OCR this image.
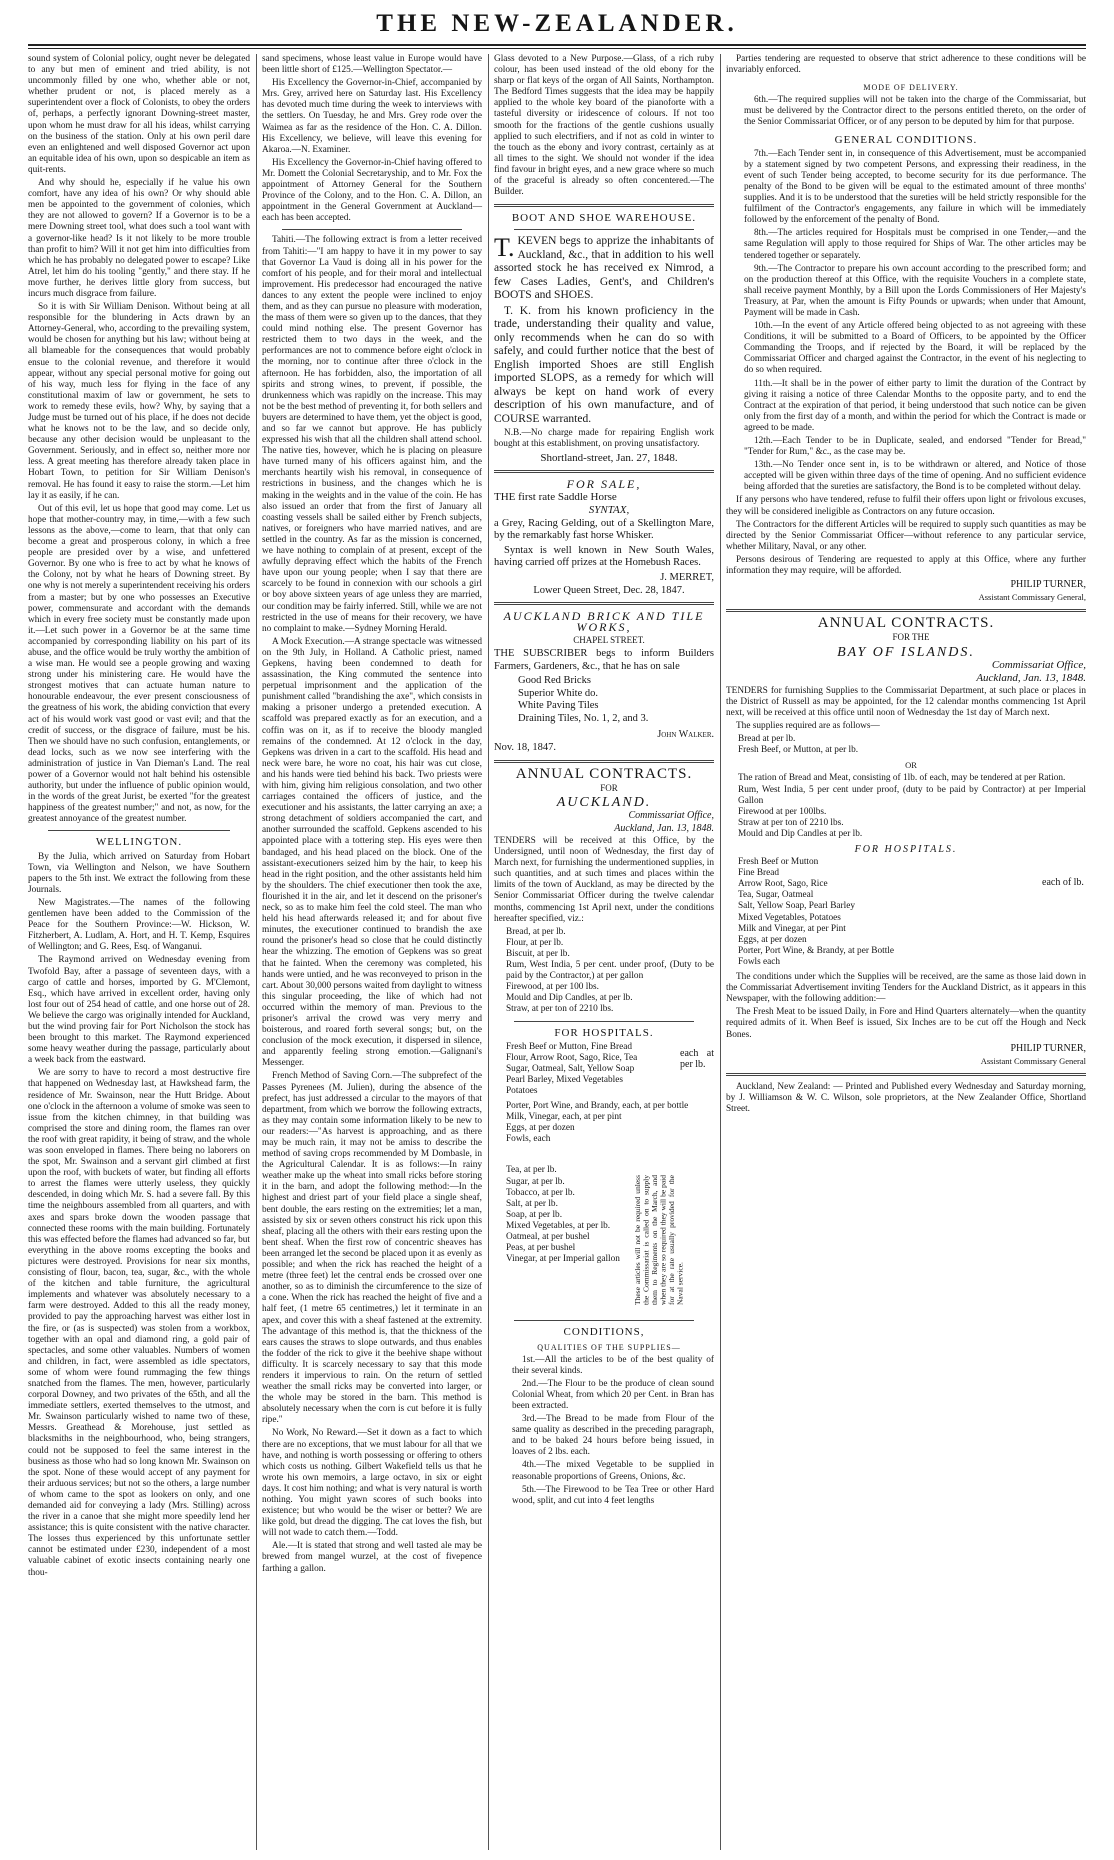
THE NEW-ZEALANDER.

sound system of Colonial policy, ought never be delegated to any but men of eminent and tried ability, is not uncommonly filled by one who, whether able or not, whether prudent or not, is placed merely as a superintendent over a flock of Colonists, to obey the orders of, perhaps, a perfectly ignorant Downing-street master, upon whom he must draw for all his ideas, whilst carrying on the business of the station. Only at his own peril dare even an enlightened and well disposed Governor act upon an equitable idea of his own, upon so despicable an item as quit-rents.

And why should he, especially if he value his own comfort, have any idea of his own? Or why should able men be appointed to the government of colonies, which they are not allowed to govern? If a Governor is to be a mere Downing street tool, what does such a tool want with a governor-like head? Is it not likely to be more trouble than profit to him? Will it not get him into difficulties from which he has probably no delegated power to escape? Like Atrel, let him do his tooling "gently," and there stay. If he move further, he derives little glory from success, but incurs much disgrace from failure.

So it is with Sir William Denison. Without being at all responsible for the blundering in Acts drawn by an Attorney-General, who, according to the prevailing system, would be chosen for anything but his law; without being at all blameable for the consequences that would probably ensue to the colonial revenue, and therefore it would appear, without any special personal motive for going out of his way, much less for flying in the face of any constitutional maxim of law or government, he sets to work to remedy these evils, how? Why, by saying that a Judge must be turned out of his place, if he does not decide what he knows not to be the law, and so decide only, because any other decision would be unpleasant to the Government. Seriously, and in effect so, neither more nor less. A great meeting has therefore already taken place in Hobart Town, to petition for Sir William Denison's removal. He has found it easy to raise the storm.—Let him lay it as easily, if he can.

Out of this evil, let us hope that good may come. Let us hope that mother-country may, in time,—with a few such lessons as the above,—come to learn, that that only can become a great and prosperous colony, in which a free people are presided over by a wise, and unfettered Governor. By one who is free to act by what he knows of the Colony, not by what he hears of Downing street. By one why is not merely a superintendent receiving his orders from a master; but by one who possesses an Executive power, commensurate and accordant with the demands which in every free society must be constantly made upon it.—Let such power in a Governor be at the same time accompanied by corresponding liability on his part of its abuse, and the office would be truly worthy the ambition of a wise man. He would see a people growing and waxing strong under his ministering care. He would have the strongest motives that can actuate human nature to honourable endeavour, the ever present consciousness of the greatness of his work, the abiding conviction that every act of his would work vast good or vast evil; and that the credit of success, or the disgrace of failure, must be his. Then we should have no such confusion, entanglements, or dead locks, such as we now see interfering with the administration of justice in Van Dieman's Land. The real power of a Governor would not halt behind his ostensible authority, but under the influence of public opinion would, in the words of the great Jurist, be exerted "for the greatest happiness of the greatest number;" and not, as now, for the greatest annoyance of the greatest number.

WELLINGTON.

By the Julia, which arrived on Saturday from Hobart Town, via Wellington and Nelson, we have Southern papers to the 5th inst. We extract the following from these Journals.

New Magistrates.—The names of the following gentlemen have been added to the Commission of the Peace for the Southern Province:—W. Hickson, W. Fitzherbert, A. Ludlam, A. Hort, and H. T. Kemp, Esquires of Wellington; and G. Rees, Esq. of Wanganui.

The Raymond arrived on Wednesday evening from Twofold Bay, after a passage of seventeen days, with a cargo of cattle and horses, imported by G. M'Clemont, Esq., which have arrived in excellent order, having only lost four out of 254 head of cattle, and one horse out of 28. We believe the cargo was originally intended for Auckland, but the wind proving fair for Port Nicholson the stock has been brought to this market. The Raymond experienced some heavy weather during the passage, particularly about a week back from the eastward.

We are sorry to have to record a most destructive fire that happened on Wednesday last, at Hawkshead farm, the residence of Mr. Swainson, near the Hutt Bridge. About one o'clock in the afternoon a volume of smoke was seen to issue from the kitchen chimney, in that building was comprised the store and dining room, the flames ran over the roof with great rapidity, it being of straw, and the whole was soon enveloped in flames. There being no laborers on the spot, Mr. Swainson and a servant girl climbed at first upon the roof, with buckets of water, but finding all efforts to arrest the flames were utterly useless, they quickly descended, in doing which Mr. S. had a severe fall. By this time the neighbours assembled from all quarters, and with axes and spars broke down the wooden passage that connected these rooms with the main building. Fortunately this was effected before the flames had advanced so far, but everything in the above rooms excepting the books and pictures were destroyed. Provisions for near six months, consisting of flour, bacon, tea, sugar, &c., with the whole of the kitchen and table furniture, the agricultural implements and whatever was absolutely necessary to a farm were destroyed. Added to this all the ready money, provided to pay the approaching harvest was either lost in the fire, or (as is suspected) was stolen from a workbox, together with an opal and diamond ring, a gold pair of spectacles, and some other valuables. Numbers of women and children, in fact, were assembled as idle spectators, some of whom were found rummaging the few things snatched from the flames. The men, however, particularly corporal Downey, and two privates of the 65th, and all the immediate settlers, exerted themselves to the utmost, and Mr. Swainson particularly wished to name two of these, Messrs. Greathead & Morehouse, just settled as blacksmiths in the neighbourhood, who, being strangers, could not be supposed to feel the same interest in the business as those who had so long known Mr. Swainson on the spot. None of these would accept of any payment for their arduous services; but not so the others, a large number of whom came to the spot as lookers on only, and one demanded aid for conveying a lady (Mrs. Stilling) across the river in a canoe that she might more speedily lend her assistance; this is quite consistent with the native character. The losses thus experienced by this unfortunate settler cannot be estimated under £230, independent of a most valuable cabinet of exotic insects containing nearly one thou-

sand specimens, whose least value in Europe would have been little short of £125.—Wellington Spectator.—

His Excellency the Governor-in-Chief, accompanied by Mrs. Grey, arrived here on Saturday last. His Excellency has devoted much time during the week to interviews with the settlers. On Tuesday, he and Mrs. Grey rode over the Waimea as far as the residence of the Hon. C. A. Dillon. His Excellency, we believe, will leave this evening for Akaroa.—N. Examiner.

His Excellency the Governor-in-Chief having offered to Mr. Domett the Colonial Secretaryship, and to Mr. Fox the appointment of Attorney General for the Southern Province of the Colony, and to the Hon. C. A. Dillon, an appointment in the General Government at Auckland—each has been accepted.

Tahiti.—The following extract is from a letter received from Tahiti:—"I am happy to have it in my power to say that Governor La Vaud is doing all in his power for the comfort of his people, and for their moral and intellectual improvement. His predecessor had encouraged the native dances to any extent the people were inclined to enjoy them, and as they can pursue no pleasure with moderation, the mass of them were so given up to the dances, that they could mind nothing else. The present Governor has restricted them to two days in the week, and the performances are not to commence before eight o'clock in the morning, nor to continue after three o'clock in the afternoon. He has forbidden, also, the importation of all spirits and strong wines, to prevent, if possible, the drunkenness which was rapidly on the increase. This may not be the best method of preventing it, for both sellers and buyers are determined to have them, yet the object is good, and so far we cannot but approve. He has publicly expressed his wish that all the children shall attend school. The native ties, however, which he is placing on pleasure have turned many of his officers against him, and the merchants heartily wish his removal, in consequence of restrictions in business, and the changes which he is making in the weights and in the value of the coin. He has also issued an order that from the first of January all coasting vessels shall be sailed either by French subjects, natives, or foreigners who have married natives, and are settled in the country. As far as the mission is concerned, we have nothing to complain of at present, except of the awfully depraving effect which the habits of the French have upon our young people; when I say that there are scarcely to be found in connexion with our schools a girl or boy above sixteen years of age unless they are married, our condition may be fairly inferred. Still, while we are not restricted in the use of means for their recovery, we have no complaint to make.—Sydney Morning Herald.

A Mock Execution.—A strange spectacle was witnessed on the 9th July, in Holland. A Catholic priest, named Gepkens, having been condemned to death for assassination, the King commuted the sentence into perpetual imprisonment and the application of the punishment called "brandishing the axe", which consists in making a prisoner undergo a pretended execution. A scaffold was prepared exactly as for an execution, and a coffin was on it, as if to receive the bloody mangled remains of the condemned. At 12 o'clock in the day, Gepkens was driven in a cart to the scaffold. His head and neck were bare, he wore no coat, his hair was cut close, and his hands were tied behind his back. Two priests were with him, giving him religious consolation, and two other carriages contained the officers of justice, and the executioner and his assistants, the latter carrying an axe; a strong detachment of soldiers accompanied the cart, and another surrounded the scaffold. Gepkens ascended to his appointed place with a tottering step. His eyes were then bandaged, and his head placed on the block. One of the assistant-executioners seized him by the hair, to keep his head in the right position, and the other assistants held him by the shoulders. The chief executioner then took the axe, flourished it in the air, and let it descend on the prisoner's neck, so as to make him feel the cold steel. The man who held his head afterwards released it; and for about five minutes, the executioner continued to brandish the axe round the prisoner's head so close that he could distinctly hear the whizzing. The emotion of Gepkens was so great that he fainted. When the ceremony was completed, his hands were untied, and he was reconveyed to prison in the cart. About 30,000 persons waited from daylight to witness this singular proceeding, the like of which had not occurred within the memory of man. Previous to the prisoner's arrival the crowd was very merry and boisterous, and roared forth several songs; but, on the conclusion of the mock execution, it dispersed in silence, and apparently feeling strong emotion.—Galignani's Messenger.

French Method of Saving Corn.—The subprefect of the Passes Pyrenees (M. Julien), during the absence of the prefect, has just addressed a circular to the mayors of that department, from which we borrow the following extracts, as they may contain some information likely to be new to our readers:—"As harvest is approaching, and as there may be much rain, it may not be amiss to describe the method of saving crops recommended by M Dombasle, in the Agricultural Calendar. It is as follows:—In rainy weather make up the wheat into small ricks before storing it in the barn, and adopt the following method:—In the highest and driest part of your field place a single sheaf, bent double, the ears resting on the extremities; let a man, assisted by six or seven others construct his rick upon this sheaf, placing all the others with their ears resting upon the bent sheaf. When the first row of concentric sheaves has been arranged let the second be placed upon it as evenly as possible; and when the rick has reached the height of a metre (three feet) let the central ends be crossed over one another, so as to diminish the circumference to the size of a cone. When the rick has reached the height of five and a half feet, (1 metre 65 centimetres,) let it terminate in an apex, and cover this with a sheaf fastened at the extremity. The advantage of this method is, that the thickness of the ears causes the straws to slope outwards, and thus enables the fodder of the rick to give it the beehive shape without difficulty. It is scarcely necessary to say that this mode renders it impervious to rain. On the return of settled weather the small ricks may be converted into larger, or the whole may be stored in the barn. This method is absolutely necessary when the corn is cut before it is fully ripe."

No Work, No Reward.—Set it down as a fact to which there are no exceptions, that we must labour for all that we have, and nothing is worth possessing or offering to others which costs us nothing. Gilbert Wakefield tells us that he wrote his own memoirs, a large octavo, in six or eight days. It cost him nothing; and what is very natural is worth nothing. You might yawn scores of such books into existence; but who would be the wiser or better? We are like gold, but dread the digging. The cat loves the fish, but will not wade to catch them.—Todd.

Ale.—It is stated that strong and well tasted ale may be brewed from mangel wurzel, at the cost of fivepence farthing a gallon.

Glass devoted to a New Purpose.—Glass, of a rich ruby colour, has been used instead of the old ebony for the sharp or flat keys of the organ of All Saints, Northampton. The Bedford Times suggests that the idea may be happily applied to the whole key board of the pianoforte with a tasteful diversity or iridescence of colours. If not too smooth for the fractions of the gentle cushions usually applied to such electrifiers, and if not as cold in winter to the touch as the ebony and ivory contrast, certainly as at all times to the sight. We should not wonder if the idea find favour in bright eyes, and a new grace where so much of the graceful is already so often concentered.—The Builder.

BOOT AND SHOE WAREHOUSE.

T. KEVEN begs to apprize the inhabitants of Auckland, &c., that in addition to his well assorted stock he has received ex Nimrod, a few Cases Ladies, Gent's, and Children's BOOTS and SHOES.

T. K. from his known proficiency in the trade, understanding their quality and value, only recommends when he can do so with safely, and could further notice that the best of English imported Shoes are still English imported SLOPS, as a remedy for which will always be kept on hand work of every description of his own manufacture, and of COURSE warranted.

N.B.—No charge made for repairing English work bought at this establishment, on proving unsatisfactory.

Shortland-street, Jan. 27, 1848.

FOR SALE,

THE first rate Saddle Horse

SYNTAX,

a Grey, Racing Gelding, out of a Skellington Mare, by the remarkably fast horse Whisker.

Syntax is well known in New South Wales, having carried off prizes at the Homebush Races.

J. MERRET,

Lower Queen Street, Dec. 28, 1847.

AUCKLAND BRICK AND TILE WORKS,

CHAPEL STREET.

THE SUBSCRIBER begs to inform Builders Farmers, Gardeners, &c., that he has on sale

Good Red Bricks
Superior White do.
White Paving Tiles
Draining Tiles, No. 1, 2, and 3.

John Walker.

Nov. 18, 1847.

ANNUAL CONTRACTS.

FOR

AUCKLAND.

Commissariat Office,

Auckland, Jan. 13, 1848.

TENDERS will be received at this Office, by the Undersigned, until noon of Wednesday, the first day of March next, for furnishing the undermentioned supplies, in such quantities, and at such times and places within the limits of the town of Auckland, as may be directed by the Senior Commissariat Officer during the twelve calendar months, commencing 1st April next, under the conditions hereafter specified, viz.:

Bread, at per lb.
Flour, at per lb.
Biscuit, at per lb.
Rum, West India, 5 per cent. under proof, (Duty to be paid by the Contractor,) at per gallon
Firewood, at per 100 lbs.
Mould and Dip Candles, at per lb.
Straw, at per ton of 2210 lbs.
FOR HOSPITALS.
Fresh Beef or Mutton, Fine Bread
Flour, Arrow Root, Sago, Rice, Tea
Sugar, Oatmeal, Salt, Yellow Soap
Pearl Barley, Mixed Vegetables
Potatoes
each at per lb.
Porter, Port Wine, and Brandy, each, at per bottle
Milk, Vinegar, each, at per pint
Eggs, at per dozen
Fowls, each
Tea, at per lb.
Sugar, at per lb.
Tobacco, at per lb.
Salt, at per lb.
Soap, at per lb.
Mixed Vegetables, at per lb.
Oatmeal, at per bushel
Peas, at per bushel
Vinegar, at per Imperial gallon	These articles will not be required unless the Commissariat is called on to supply them to Regiments on the March, and when they are so required they will be paid for at the rate usually provided for the Naval service.
CONDITIONS,

QUALITIES OF THE SUPPLIES—

1st.—All the articles to be of the best quality of their several kinds.

2nd.—The Flour to be the produce of clean sound Colonial Wheat, from which 20 per Cent. in Bran has been extracted.

3rd.—The Bread to be made from Flour of the same quality as described in the preceding paragraph, and to be baked 24 hours before being issued, in loaves of 2 lbs. each.

4th.—The mixed Vegetable to be supplied in reasonable proportions of Greens, Onions, &c.

5th.—The Firewood to be Tea Tree or other Hard wood, split, and cut into 4 feet lengths

Parties tendering are requested to observe that strict adherence to these conditions will be invariably enforced.

MODE OF DELIVERY.

6th.—The required supplies will not be taken into the charge of the Commissariat, but must be delivered by the Contractor direct to the persons entitled thereto, on the order of the Senior Commissariat Officer, or of any person to be deputed by him for that purpose.

GENERAL CONDITIONS.

7th.—Each Tender sent in, in consequence of this Advertisement, must be accompanied by a statement signed by two competent Persons, and expressing their readiness, in the event of such Tender being accepted, to become security for its due performance. The penalty of the Bond to be given will be equal to the estimated amount of three months' supplies. And it is to be understood that the sureties will be held strictly responsible for the fulfilment of the Contractor's engagements, any failure in which will be immediately followed by the enforcement of the penalty of Bond.

8th.—The articles required for Hospitals must be comprised in one Tender,—and the same Regulation will apply to those required for Ships of War. The other articles may be tendered together or separately.

9th.—The Contractor to prepare his own account according to the prescribed form; and on the production thereof at this Office, with the requisite Vouchers in a complete state, shall receive payment Monthly, by a Bill upon the Lords Commissioners of Her Majesty's Treasury, at Par, when the amount is Fifty Pounds or upwards; when under that Amount, Payment will be made in Cash.

10th.—In the event of any Article offered being objected to as not agreeing with these Conditions, it will be submitted to a Board of Officers, to be appointed by the Officer Commanding the Troops, and if rejected by the Board, it will be replaced by the Commissariat Officer and charged against the Contractor, in the event of his neglecting to do so when required.

11th.—It shall be in the power of either party to limit the duration of the Contract by giving it raising a notice of three Calendar Months to the opposite party, and to end the Contract at the expiration of that period, it being understood that such notice can be given only from the first day of a month, and within the period for which the Contract is made or agreed to be made.

12th.—Each Tender to be in Duplicate, sealed, and endorsed "Tender for Bread," "Tender for Rum," &c., as the case may be.

13th.—No Tender once sent in, is to be withdrawn or altered, and Notice of those accepted will be given within three days of the time of opening. And no sufficient evidence being afforded that the sureties are satisfactory, the Bond is to be completed without delay.

If any persons who have tendered, refuse to fulfil their offers upon light or frivolous excuses, they will be considered ineligible as Contractors on any future occasion.

The Contractors for the different Articles will be required to supply such quantities as may be directed by the Senior Commissariat Officer—without reference to any particular service, whether Military, Naval, or any other.

Persons desirous of Tendering are requested to apply at this Office, where any further information they may require, will be afforded.

PHILIP TURNER,

Assistant Commissary General,

ANNUAL CONTRACTS.

FOR THE

BAY OF ISLANDS.

Commissariat Office,

Auckland, Jan. 13, 1848.

TENDERS for furnishing Supplies to the Commissariat Department, at such place or places in the District of Russell as may be appointed, for the 12 calendar months commencing 1st April next, will be received at this office until noon of Wednesday the 1st day of March next.

The supplies required are as follows—

Bread at per lb.
Fresh Beef, or Mutton, at per lb.

OR

The ration of Bread and Meat, consisting of 1lb. of each, may be tendered at per Ration.
Rum, West India, 5 per cent under proof, (duty to be paid by Contractor) at per Imperial Gallon
Firewood at per 100lbs.
Straw at per ton of 2210 lbs.
Mould and Dip Candles at per lb.
FOR HOSPITALS.
Fresh Beef or Mutton
Fine Bread
Arrow Root, Sago, Rice
Tea, Sugar, Oatmeal
Salt, Yellow Soap, Pearl Barley
Mixed Vegetables, Potatoes
Milk and Vinegar, at per Pint
Eggs, at per dozen
Porter, Port Wine, & Brandy, at per Bottle
Fowls each
each of lb.

The conditions under which the Supplies will be received, are the same as those laid down in the Commissariat Advertisement inviting Tenders for the Auckland District, as it appears in this Newspaper, with the following addition:—

The Fresh Meat to be issued Daily, in Fore and Hind Quarters alternately—when the quantity required admits of it. When Beef is issued, Six Inches are to be cut off the Hough and Neck Bones.

PHILIP TURNER,

Assistant Commissary General

Auckland, New Zealand: — Printed and Published every Wednesday and Saturday morning, by J. Williamson & W. C. Wilson, sole proprietors, at the New Zealander Office, Shortland Street.
